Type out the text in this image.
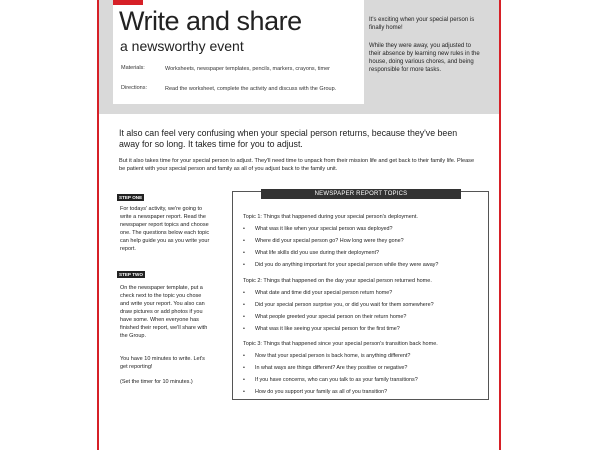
Write and share
a newsworthy event
Materials:	Worksheets, newspaper templates, pencils, markers, crayons, timer
Directions:	Read the worksheet, complete the activity and discuss with the Group.
It's exciting when your special person is finally home!
While they were away, you adjusted to their absence by learning new rules in the house, doing various chores, and being responsible for more tasks.
It also can feel very confusing when your special person returns, because they've been away for so long. It takes time for you to adjust.
But it also takes time for your special person to adjust. They'll need time to unpack from their mission life and get back to their family life. Please be patient with your special person and family as all of you adjust back to the family unit.
STEP ONE
For todays' activity, we're going to write a newspaper report. Read the newspaper report topics and choose one. The questions below each topic can help guide you as you write your report.
STEP TWO
On the newspaper template, put a check next to the topic you chose and write your report. You also can draw pictures or add photos if you have some. When everyone has finished their report, we'll share with the Group.
You have 10 minutes to write. Let's get reporting!
(Set the timer for 10 minutes.)
NEWSPAPER REPORT TOPICS
Topic 1: Things that happened during your special person's deployment.
• What was it like when your special person was deployed?
• Where did your special person go? How long were they gone?
• What life skills did you use during their deployment?
• Did you do anything important for your special person while they were away?
Topic 2: Things that happened on the day your special person returned home.
• What date and time did your special person return home?
• Did your special person surprise you, or did you wait for them somewhere?
• What people greeted your special person on their return home?
• What was it like seeing your special person for the first time?
Topic 3: Things that happened since your special person's transition back home.
• Now that your special person is back home, is anything different?
• In what ways are things different? Are they positive or negative?
• If you have concerns, who can you talk to as your family transitions?
• How do you support your family as all of you transition?
